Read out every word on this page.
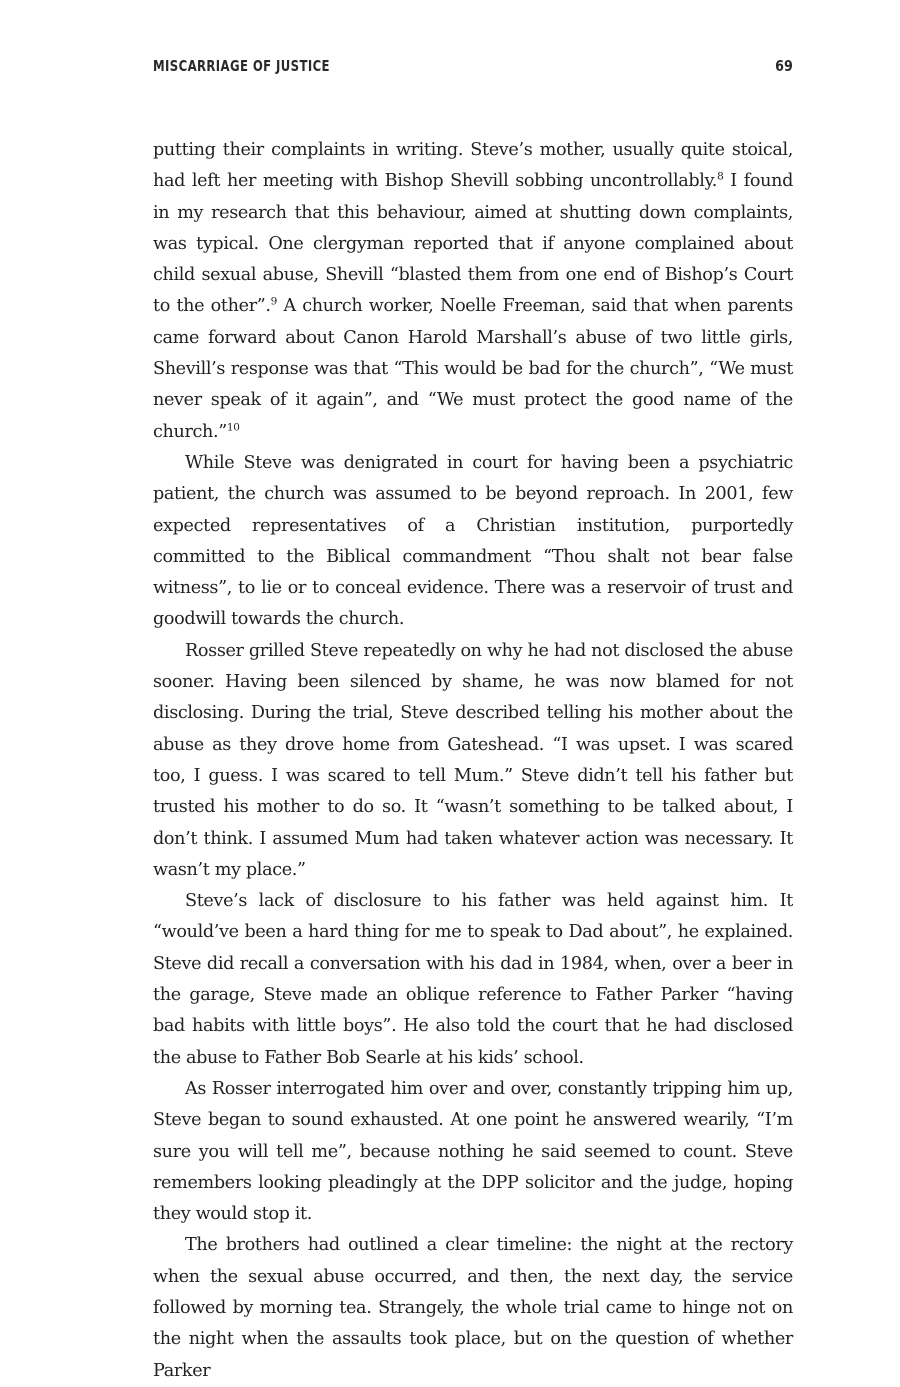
MISCARRIAGE OF JUSTICE	69

putting their complaints in writing. Steve’s mother, usually quite stoical, had left her meeting with Bishop Shevill sobbing uncontrollably.$^8$ I found in my research that this behaviour, aimed at shutting down complaints, was typical. One clergyman reported that if anyone complained about child sexual abuse, Shevill “blasted them from one end of Bishop’s Court to the other”.$^9$ A church worker, Noelle Freeman, said that when parents came forward about Canon Harold Marshall’s abuse of two little girls, Shevill’s response was that “This would be bad for the church”, “We must never speak of it again”, and “We must protect the good name of the church.”$^{10}$

While Steve was denigrated in court for having been a psychiatric patient, the church was assumed to be beyond reproach. In 2001, few expected representatives of a Christian institution, purportedly committed to the Biblical commandment “Thou shalt not bear false witness”, to lie or to conceal evidence. There was a reservoir of trust and goodwill towards the church.

Rosser grilled Steve repeatedly on why he had not disclosed the abuse sooner. Having been silenced by shame, he was now blamed for not disclosing. During the trial, Steve described telling his mother about the abuse as they drove home from Gateshead. “I was upset. I was scared too, I guess. I was scared to tell Mum.” Steve didn’t tell his father but trusted his mother to do so. It “wasn’t something to be talked about, I don’t think. I assumed Mum had taken whatever action was necessary. It wasn’t my place.”

Steve’s lack of disclosure to his father was held against him. It “would’ve been a hard thing for me to speak to Dad about”, he explained. Steve did recall a conversation with his dad in 1984, when, over a beer in the garage, Steve made an oblique reference to Father Parker “having bad habits with little boys”. He also told the court that he had disclosed the abuse to Father Bob Searle at his kids’ school.

As Rosser interrogated him over and over, constantly tripping him up, Steve began to sound exhausted. At one point he answered wearily, “I’m sure you will tell me”, because nothing he said seemed to count. Steve remembers looking pleadingly at the DPP solicitor and the judge, hoping they would stop it.

The brothers had outlined a clear timeline: the night at the rectory when the sexual abuse occurred, and then, the next day, the service followed by morning tea. Strangely, the whole trial came to hinge not on the night when the assaults took place, but on the question of whether Parker
